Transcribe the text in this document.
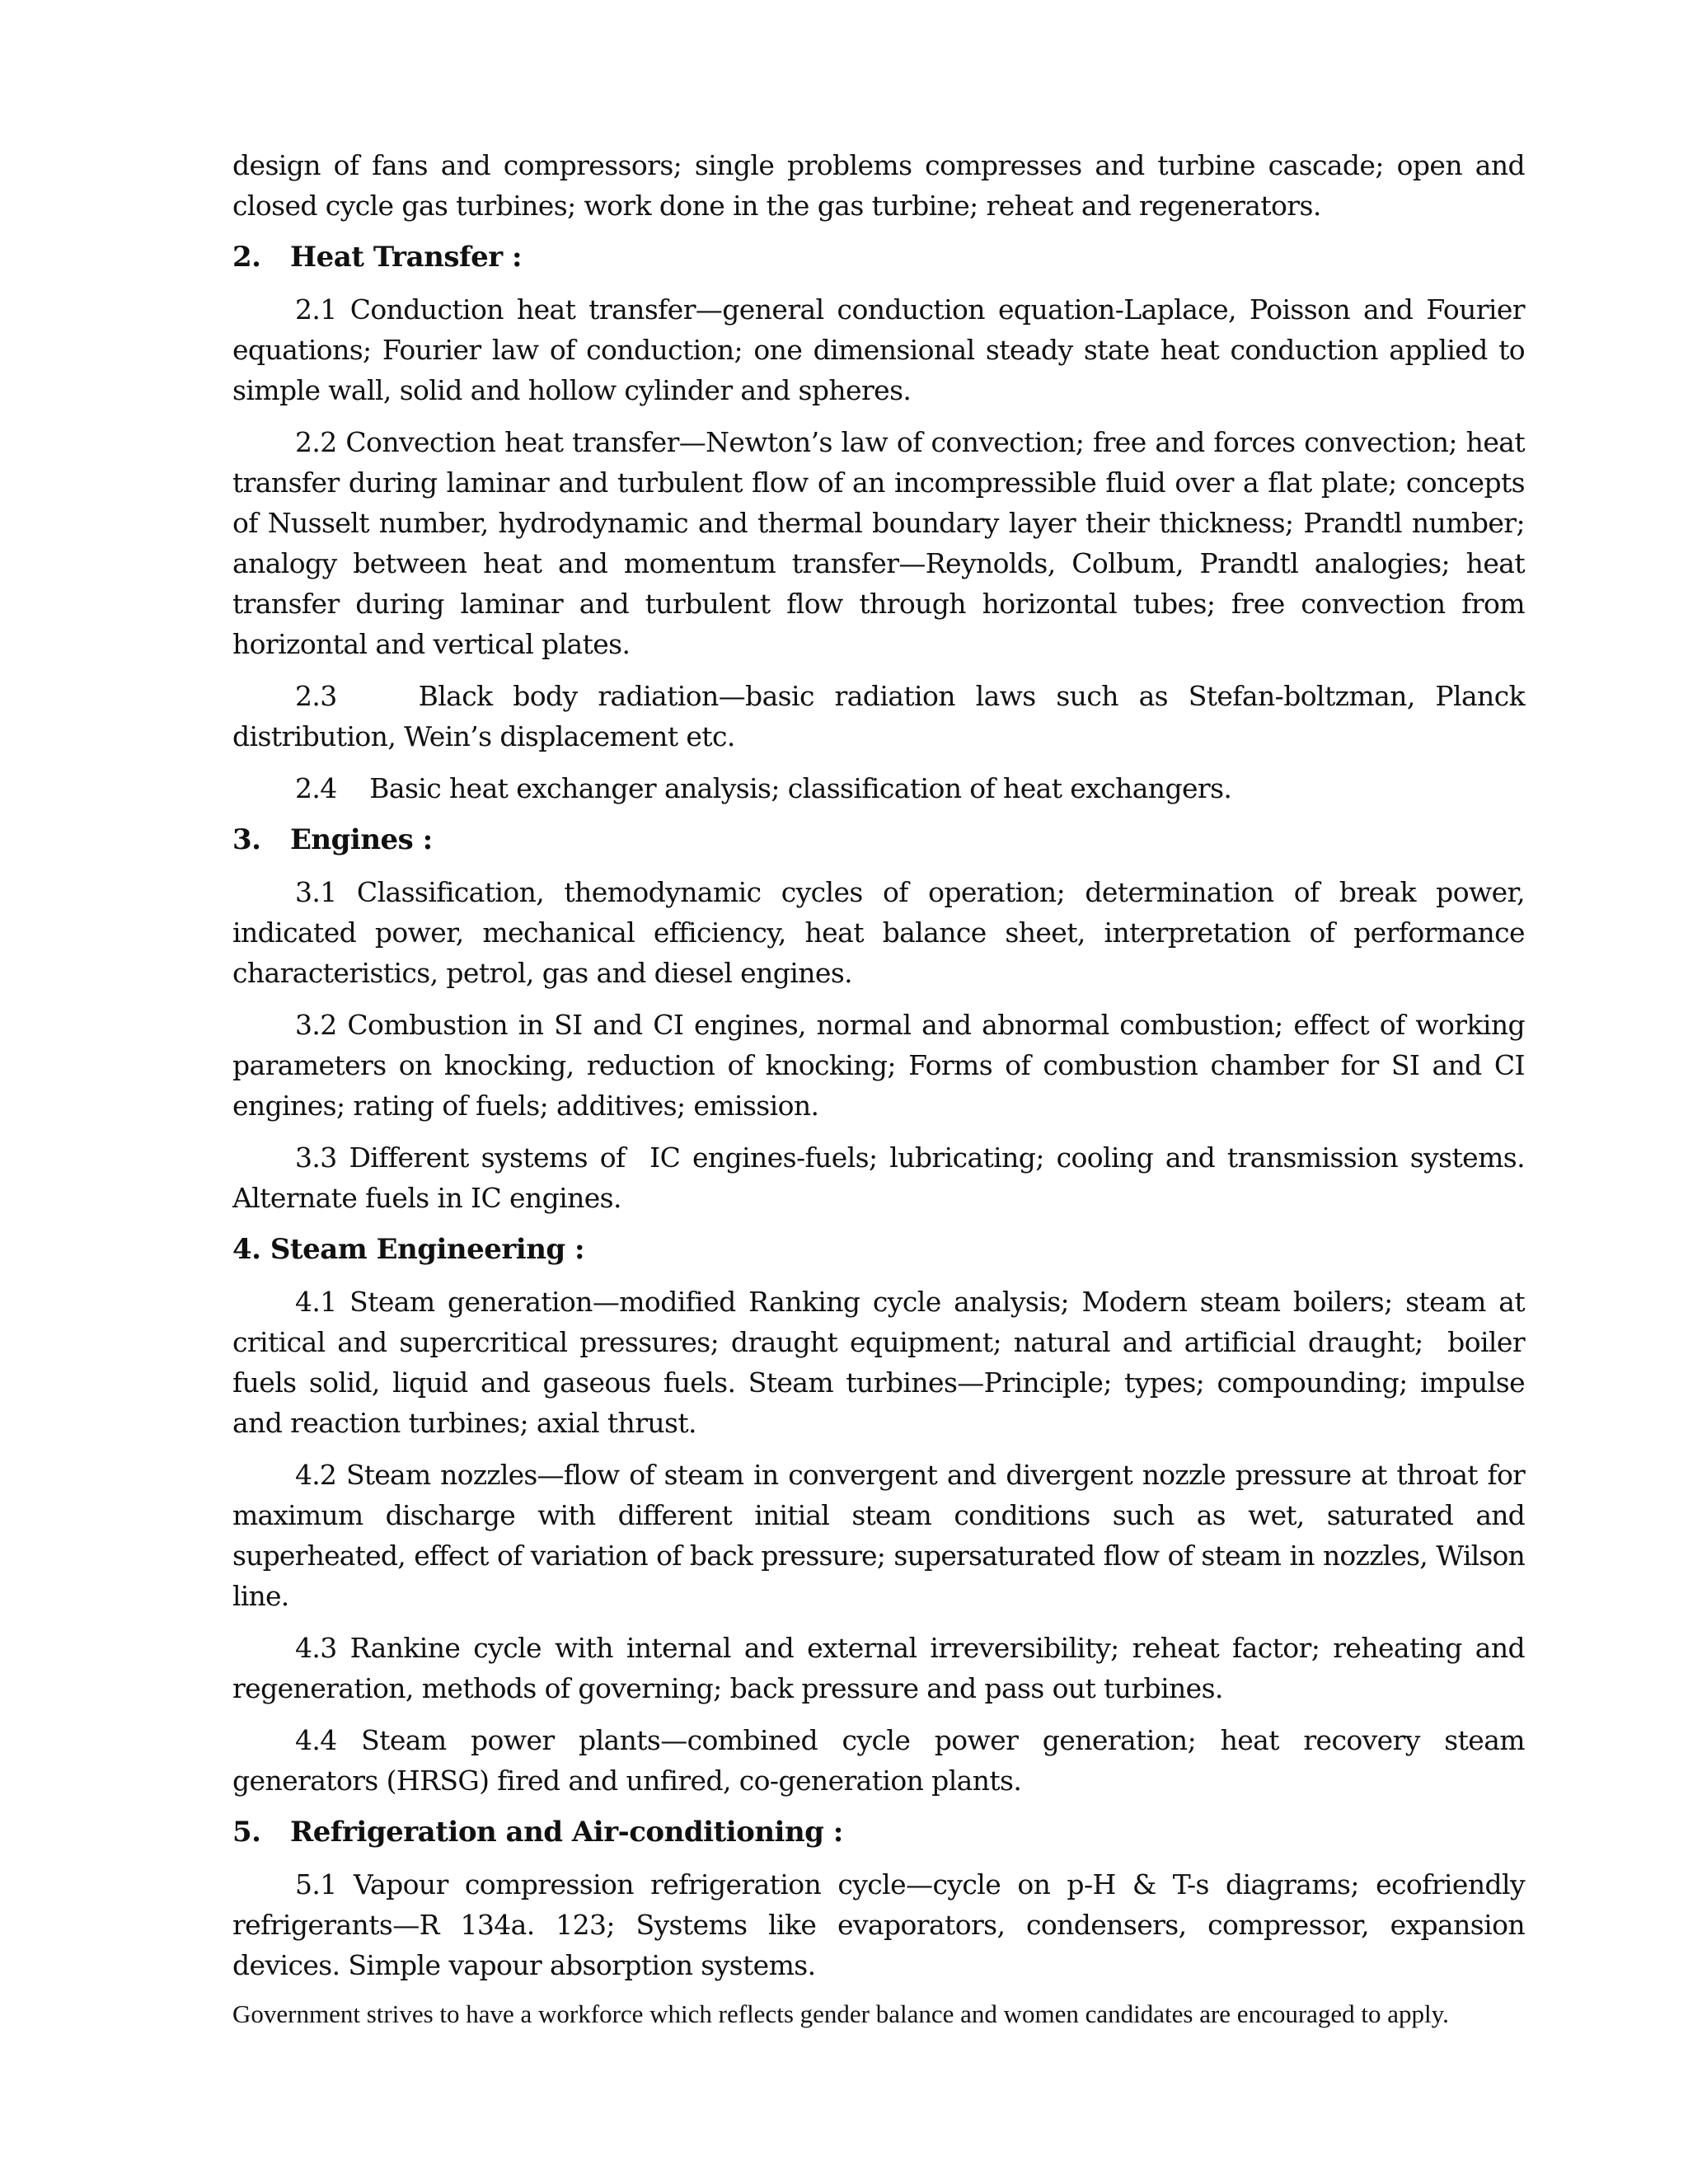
design of fans and compressors; single problems compresses and turbine cascade; open and closed cycle gas turbines; work done in the gas turbine; reheat and regenerators.

2. Heat Transfer :

2.1 Conduction heat transfer—general conduction equation-Laplace, Poisson and Fourier equations; Fourier law of conduction; one dimensional steady state heat conduction applied to simple wall, solid and hollow cylinder and spheres.

2.2 Convection heat transfer—Newton’s law of convection; free and forces convection; heat transfer during laminar and turbulent flow of an incompressible fluid over a flat plate; concepts of Nusselt number, hydrodynamic and thermal boundary layer their thickness; Prandtl number; analogy between heat and momentum transfer—Reynolds, Colbum, Prandtl analogies; heat transfer during laminar and turbulent flow through horizontal tubes; free convection from horizontal and vertical plates.

2.3    Black body radiation—basic radiation laws such as Stefan-boltzman, Planck distribution, Wein’s displacement etc.

2.4    Basic heat exchanger analysis; classification of heat exchangers.

3. Engines :

3.1 Classification, themodynamic cycles of operation; determination of break power, indicated power, mechanical efficiency, heat balance sheet, interpretation of performance characteristics, petrol, gas and diesel engines.

3.2 Combustion in SI and CI engines, normal and abnormal combustion; effect of working parameters on knocking, reduction of knocking; Forms of combustion chamber for SI and CI engines; rating of fuels; additives; emission.

3.3 Different systems of  IC engines-fuels; lubricating; cooling and transmission systems. Alternate fuels in IC engines.

4. Steam Engineering :

4.1 Steam generation—modified Ranking cycle analysis; Modern steam boilers; steam at critical and supercritical pressures; draught equipment; natural and artificial draught;  boiler fuels solid, liquid and gaseous fuels. Steam turbines—Principle; types; compounding; impulse and reaction turbines; axial thrust.

4.2 Steam nozzles—flow of steam in convergent and divergent nozzle pressure at throat for maximum discharge with different initial steam conditions such as wet, saturated and superheated, effect of variation of back pressure; supersaturated flow of steam in nozzles, Wilson line.

4.3 Rankine cycle with internal and external irreversibility; reheat factor; reheating and regeneration, methods of governing; back pressure and pass out turbines.

4.4 Steam power plants—combined cycle power generation; heat recovery steam generators (HRSG) fired and unfired, co-generation plants.

5. Refrigeration and Air-conditioning :

5.1 Vapour compression refrigeration cycle—cycle on p-H & T-s diagrams; ecofriendly refrigerants—R 134a. 123; Systems like evaporators, condensers, compressor, expansion devices. Simple vapour absorption systems.

Government strives to have a workforce which reflects gender balance and women candidates are encouraged to apply.
